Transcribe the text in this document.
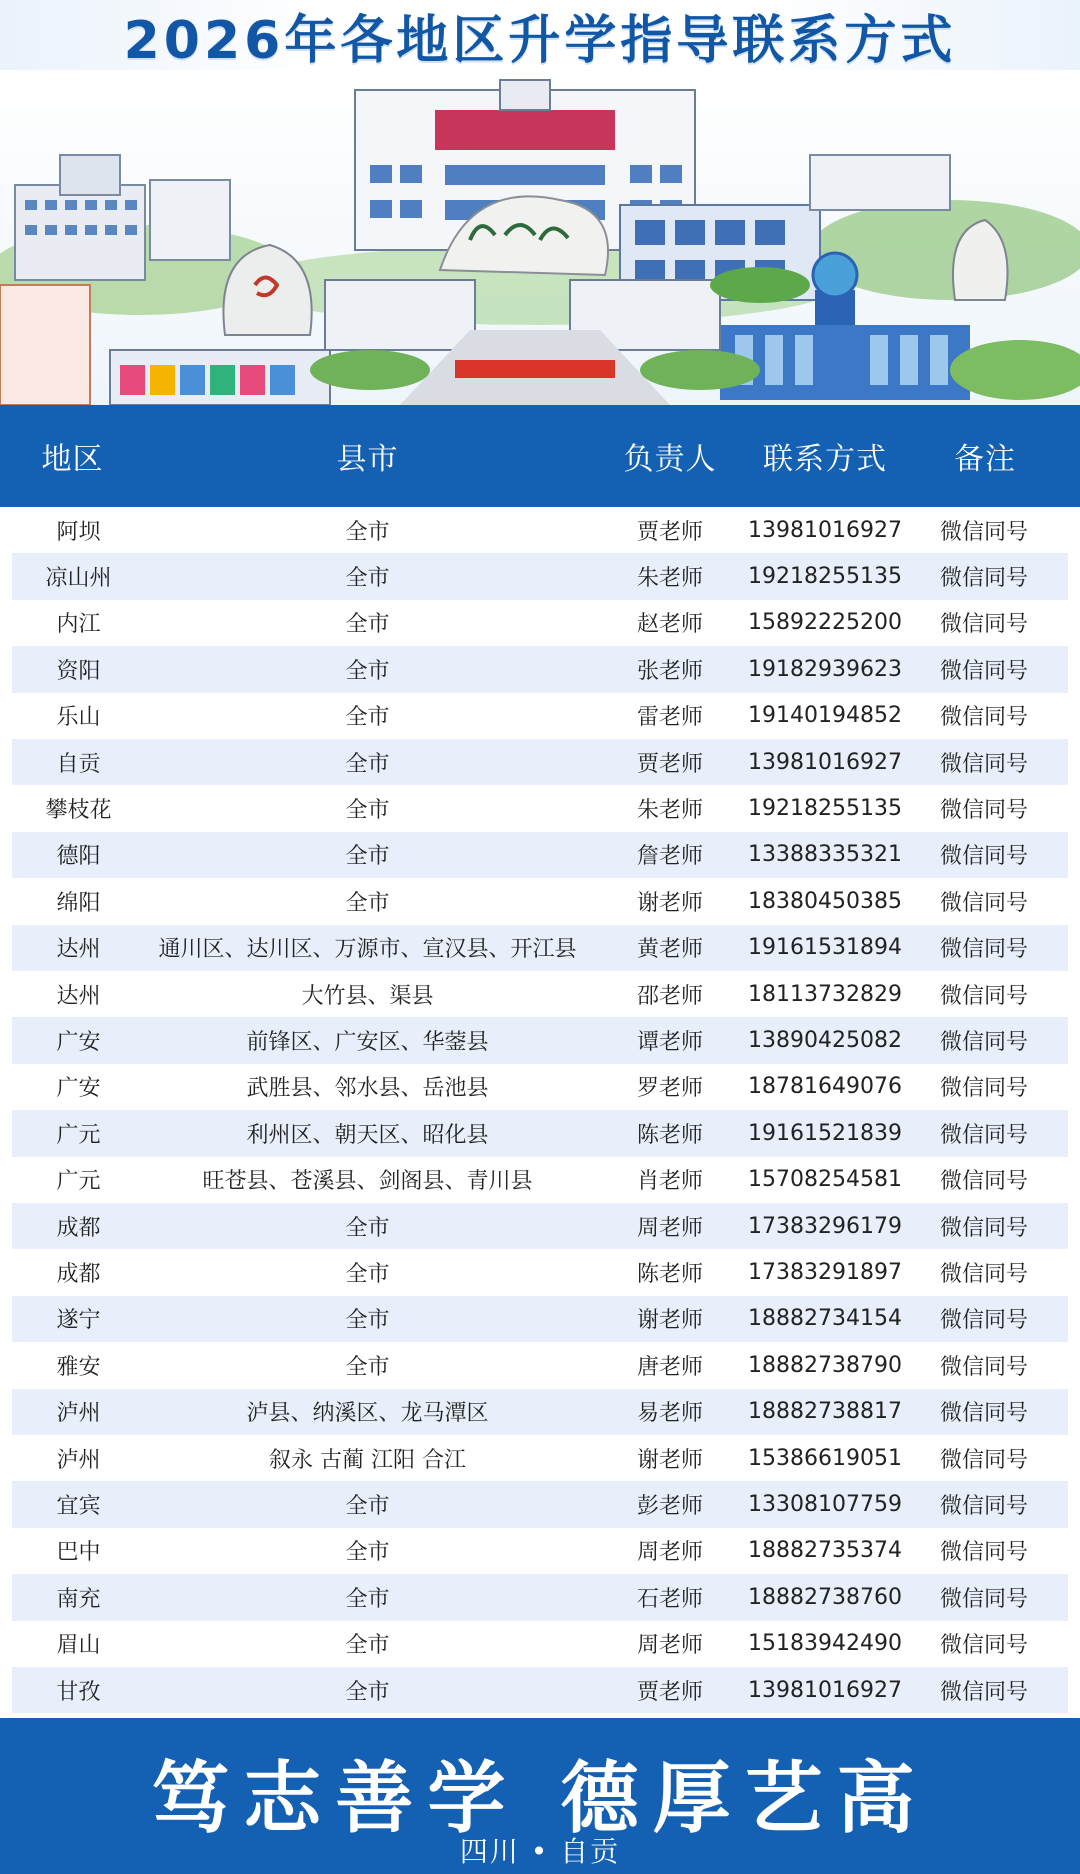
2026年各地区升学指导联系方式
地区	县市	负责人	联系方式	备注
阿坝	全市	贾老师	13981016927	微信同号
凉山州	全市	朱老师	19218255135	微信同号
内江	全市	赵老师	15892225200	微信同号
资阳	全市	张老师	19182939623	微信同号
乐山	全市	雷老师	19140194852	微信同号
自贡	全市	贾老师	13981016927	微信同号
攀枝花	全市	朱老师	19218255135	微信同号
德阳	全市	詹老师	13388335321	微信同号
绵阳	全市	谢老师	18380450385	微信同号
达州	通川区、达川区、万源市、宣汉县、开江县	黄老师	19161531894	微信同号
达州	大竹县、渠县	邵老师	18113732829	微信同号
广安	前锋区、广安区、华蓥县	谭老师	13890425082	微信同号
广安	武胜县、邻水县、岳池县	罗老师	18781649076	微信同号
广元	利州区、朝天区、昭化县	陈老师	19161521839	微信同号
广元	旺苍县、苍溪县、剑阁县、青川县	肖老师	15708254581	微信同号
成都	全市	周老师	17383296179	微信同号
成都	全市	陈老师	17383291897	微信同号
遂宁	全市	谢老师	18882734154	微信同号
雅安	全市	唐老师	18882738790	微信同号
泸州	泸县、纳溪区、龙马潭区	易老师	18882738817	微信同号
泸州	叙永 古蔺 江阳 合江	谢老师	15386619051	微信同号
宜宾	全市	彭老师	13308107759	微信同号
巴中	全市	周老师	18882735374	微信同号
南充	全市	石老师	18882738760	微信同号
眉山	全市	周老师	15183942490	微信同号
甘孜	全市	贾老师	13981016927	微信同号
笃志善学 德厚艺高
四川 • 自贡
